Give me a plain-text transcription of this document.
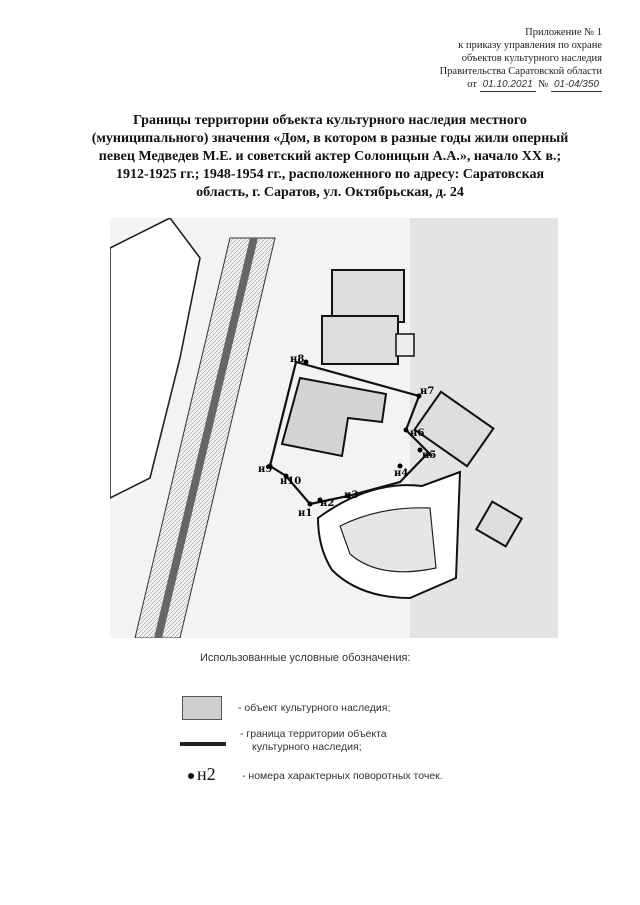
Приложение № 1
к приказу управления по охране
объектов культурного наследия
Правительства Саратовской области
от 01.10.2021 № 01-04/350
Границы территории объекта культурного наследия местного
(муниципального) значения «Дом, в котором в разные годы жили оперный
певец Медведев М.Е. и советский актер Солоницын А.А.», начало XX в.;
1912-1925 гг.; 1948-1954 гг., расположенного по адресу: Саратовская
область, г. Саратов, ул. Октябрьская, д. 24
н1
н2
н3
н4
н5
н6
н7
н8
н9
н10
Использованные условные обозначения:
- объект культурного наследия;
- граница территории объекта
культурного наследия;
н2	- номера характерных поворотных точек.
